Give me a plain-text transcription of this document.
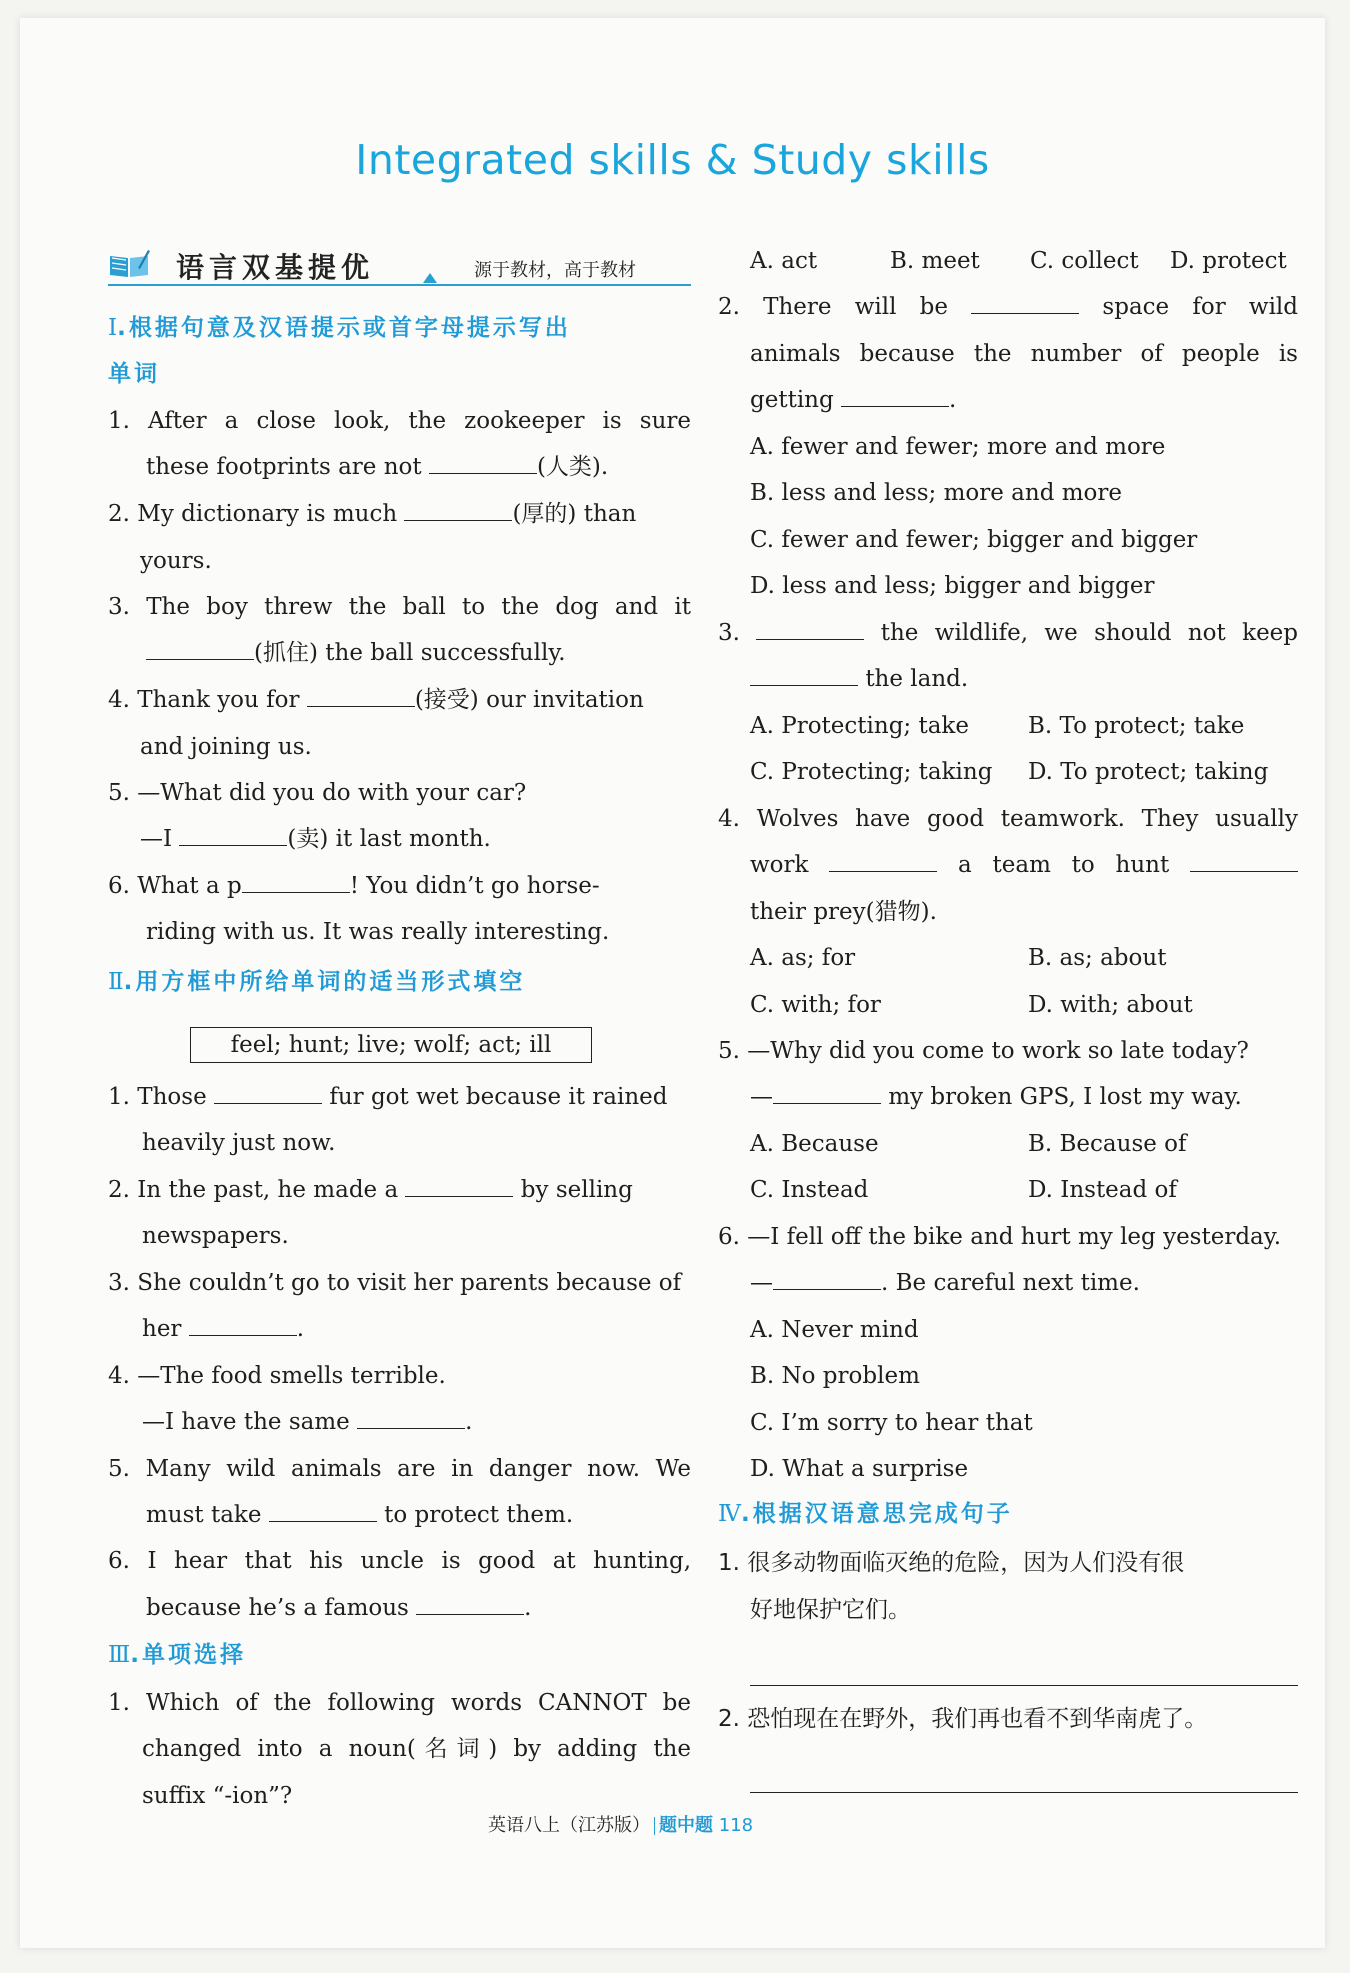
Integrated skills & Study skills
语言双基提优	源于教材，高于教材
Ⅰ.根据句意及汉语提示或首字母提示写出
单词
1. After a close look, the zookeeper is sure
these footprints are not	(人类).
2. My dictionary is much	(厚的) than
yours.
3. The boy threw the ball to the dog and it
(抓住) the ball successfully.
4. Thank you for	(接受) our invitation
and joining us.
5. —What did you do with your car?
—I	(卖) it last month.
6. What a p	! You didn’t go horse-
riding with us. It was really interesting.
Ⅱ.用方框中所给单词的适当形式填空
feel; hunt; live; wolf; act; ill
1. Those	fur got wet because it rained
heavily just now.
2. In the past, he made a	by selling
newspapers.
3. She couldn’t go to visit her parents because of
her	.
4. —The food smells terrible.
—I have the same	.
5. Many wild animals are in danger now. We
must take	to protect them.
6. I hear that his uncle is good at hunting,
because he’s a famous	.
Ⅲ.单项选择
1. Which of the following words CANNOT be
changed into a noun(名词) by adding the
suffix “-ion”?
A. act	B. meet C. collect D. protect
2. There will be	space for wild
animals because the number of people is
getting	.
A. fewer and fewer; more and more
B. less and less; more and more
C. fewer and fewer; bigger and bigger
D. less and less; bigger and bigger
3.	the wildlife, we should not keep
the land.
A. Protecting; take	B. To protect; take
C. Protecting; taking D. To protect; taking
4. Wolves have good teamwork. They usually
work	a team to hunt
their prey(猎物).
A. as; for	B. as; about
C. with; for	D. with; about
5. —Why did you come to work so late today?
—	my broken GPS, I lost my way.
A. Because	B. Because of
C. Instead	D. Instead of
6. —I fell off the bike and hurt my leg yesterday.
—	. Be careful next time.
A. Never mind
B. No problem
C. I’m sorry to hear that
D. What a surprise
Ⅳ.根据汉语意思完成句子
1. 很多动物面临灭绝的危险，因为人们没有很
好地保护它们。
2. 恐怕现在在野外，我们再也看不到华南虎了。
英语八上（江苏版） 题中题 118
